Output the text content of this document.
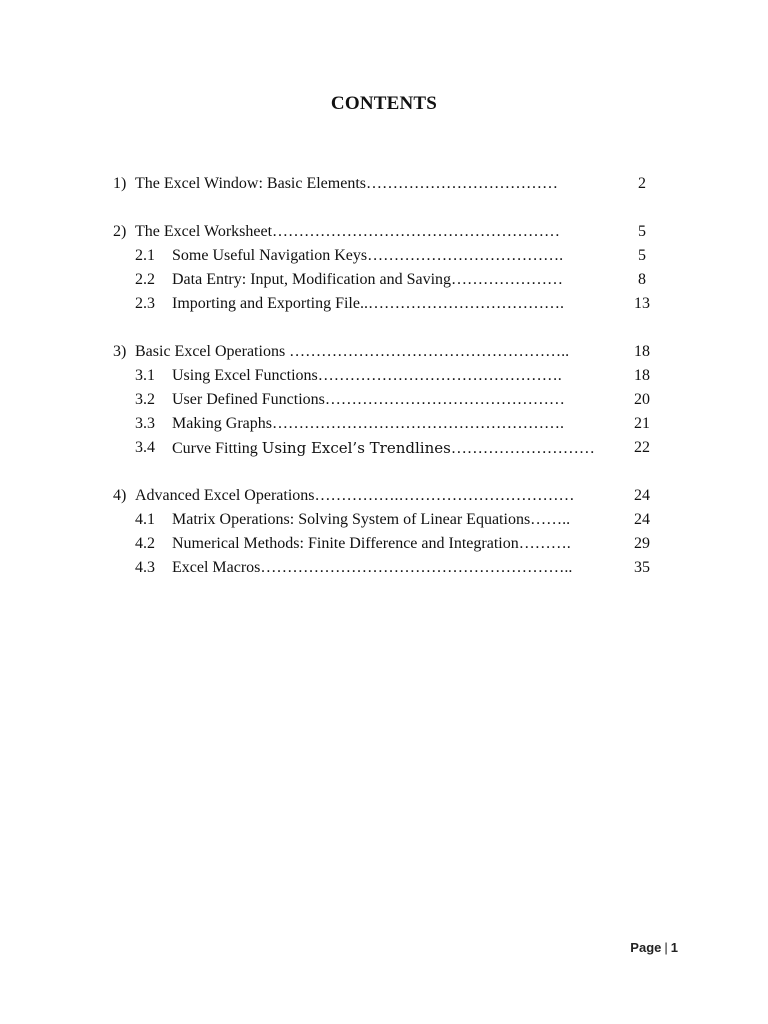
CONTENTS
1) The Excel Window: Basic Elements………………………………	2
2) The Excel Worksheet………………………………………………	5
2.1 Some Useful Navigation Keys……………………………….	5
2.2 Data Entry: Input, Modification and Saving…………………	8
2.3 Importing and Exporting File..……………………………….	13
3) Basic Excel Operations ……………………………………………..	18
3.1 Using Excel Functions……………………………………….	18
3.2 User Defined Functions………………………………………	20
3.3 Making Graphs……………………………………………….	21
3.4 Curve Fitting Using Excel’s Trendlines………………………	22
4) Advanced Excel Operations…………….……………………………	24
4.1 Matrix Operations: Solving System of Linear Equations……..	24
4.2 Numerical Methods: Finite Difference and Integration……….	29
4.3 Excel Macros…………………………………………………..	35
Page | 1
